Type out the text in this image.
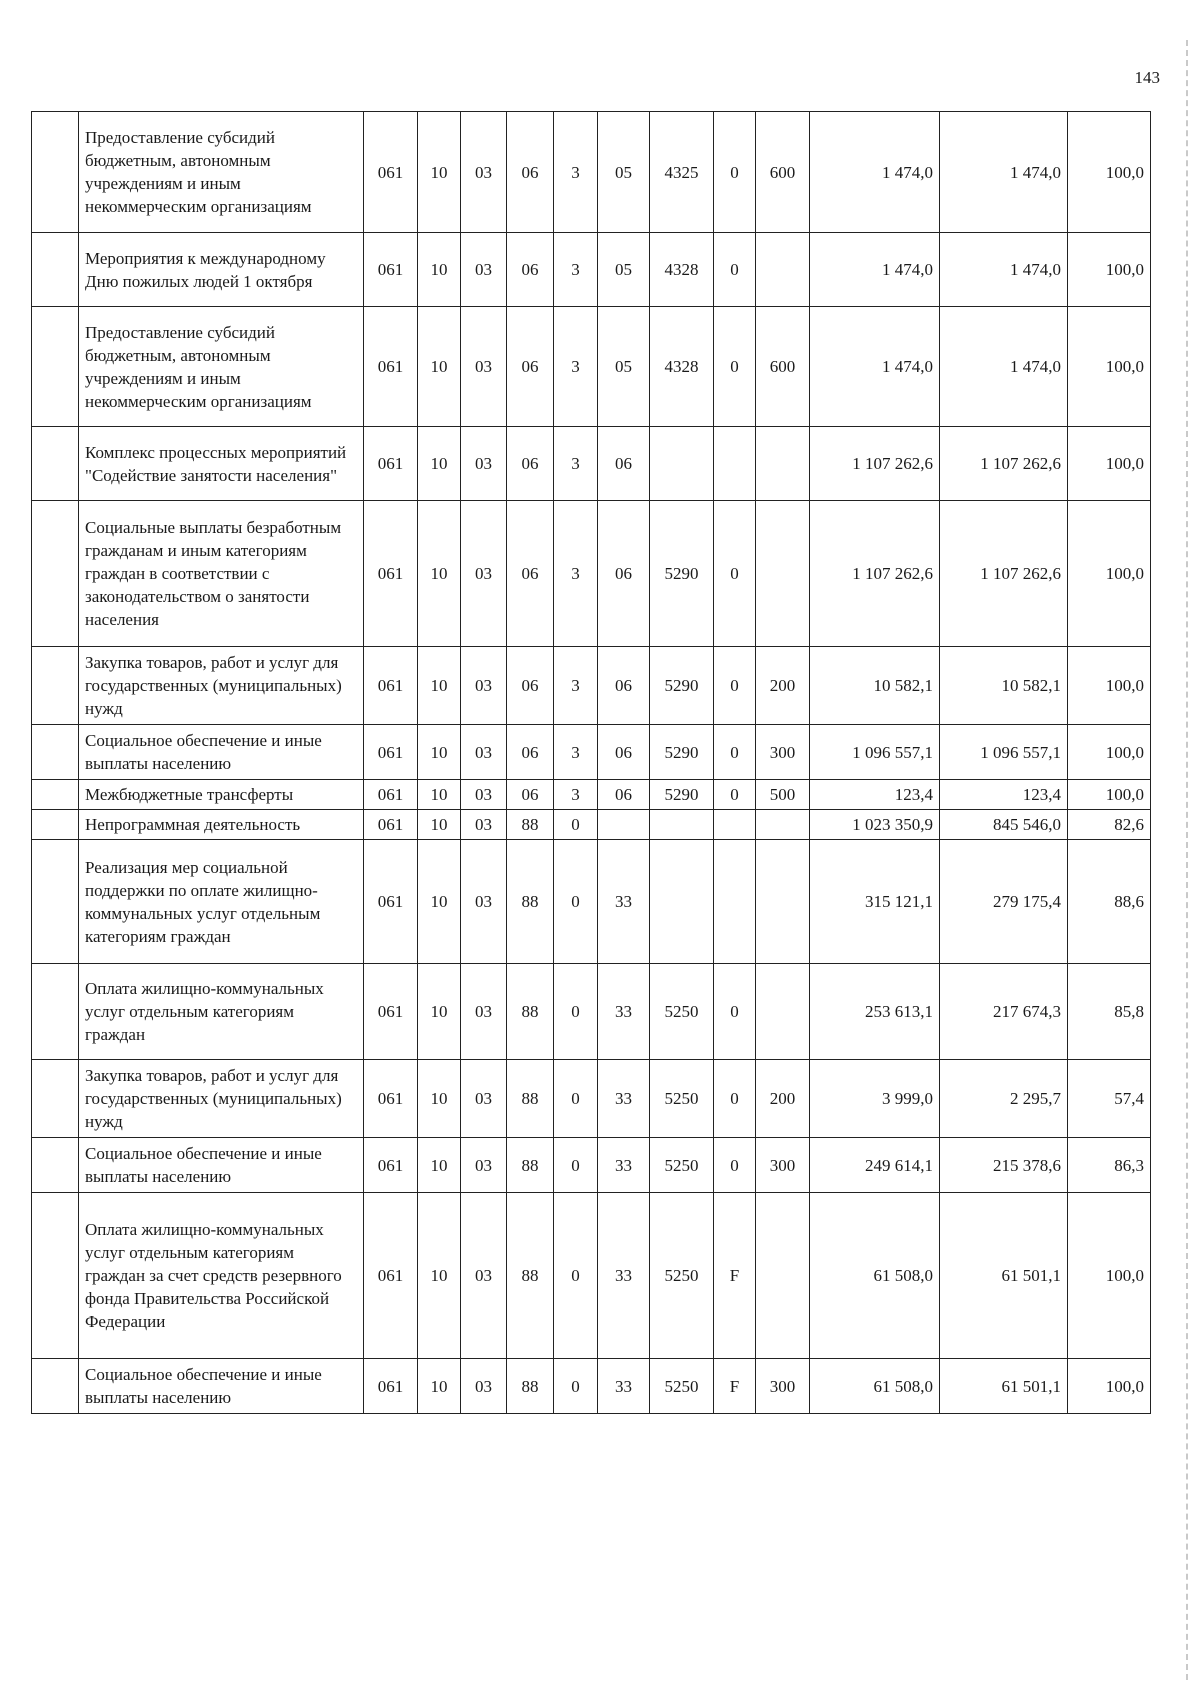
143
	Предоставление субсидий бюджетным, автономным учреждениям и иным некоммерческим организациям	061	10	03	06	3	05	4325	0	600	1 474,0	1 474,0	100,0
	Мероприятия к международному Дню пожилых людей 1 октября	061	10	03	06	3	05	4328	0		1 474,0	1 474,0	100,0
	Предоставление субсидий бюджетным, автономным учреждениям и иным некоммерческим организациям	061	10	03	06	3	05	4328	0	600	1 474,0	1 474,0	100,0
	Комплекс процессных мероприятий "Содействие занятости населения"	061	10	03	06	3	06				1 107 262,6	1 107 262,6	100,0
	Социальные выплаты безработным гражданам и иным категориям граждан в соответствии с законодательством о занятости населения	061	10	03	06	3	06	5290	0		1 107 262,6	1 107 262,6	100,0
	Закупка товаров, работ и услуг для государственных (муниципальных) нужд	061	10	03	06	3	06	5290	0	200	10 582,1	10 582,1	100,0
	Социальное обеспечение и иные выплаты населению	061	10	03	06	3	06	5290	0	300	1 096 557,1	1 096 557,1	100,0
	Межбюджетные трансферты	061	10	03	06	3	06	5290	0	500	123,4	123,4	100,0
	Непрограммная деятельность	061	10	03	88	0					1 023 350,9	845 546,0	82,6
	Реализация мер социальной поддержки по оплате жилищно-коммунальных услуг отдельным категориям граждан	061	10	03	88	0	33				315 121,1	279 175,4	88,6
	Оплата жилищно-коммунальных услуг отдельным категориям граждан	061	10	03	88	0	33	5250	0		253 613,1	217 674,3	85,8
	Закупка товаров, работ и услуг для государственных (муниципальных) нужд	061	10	03	88	0	33	5250	0	200	3 999,0	2 295,7	57,4
	Социальное обеспечение и иные выплаты населению	061	10	03	88	0	33	5250	0	300	249 614,1	215 378,6	86,3
	Оплата жилищно-коммунальных услуг отдельным категориям граждан за счет средств резервного фонда Правительства Российской Федерации	061	10	03	88	0	33	5250	F		61 508,0	61 501,1	100,0
	Социальное обеспечение и иные выплаты населению	061	10	03	88	0	33	5250	F	300	61 508,0	61 501,1	100,0
